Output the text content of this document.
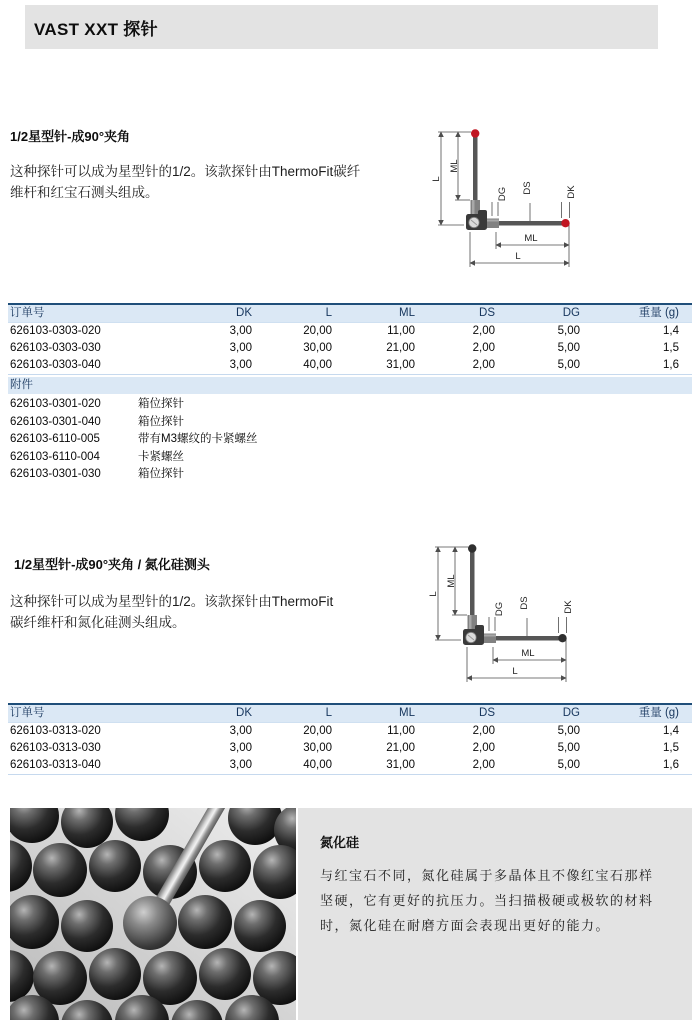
VAST XXT 探针
1/2星型针-成90°夹角
这种探针可以成为星型针的1/2。该款探针由ThermoFit碳纤维杆和红宝石测头组成。
L
ML
DG DS	DK
ML
L
订单号	DK	L	ML	DS	DG	重量 (g)
626103-0303-020	3,00	20,00	11,00	2,00	5,00	1,4
626103-0303-030	3,00	30,00	21,00	2,00	5,00	1,5
626103-0303-040	3,00	40,00	31,00	2,00	5,00	1,6
附件
626103-0301-020	箱位探针
626103-0301-040	箱位探针
626103-6110-005	带有M3螺纹的卡紧螺丝
626103-6110-004	卡紧螺丝
626103-0301-030	箱位探针
1/2星型针-成90°夹角 / 氮化硅测头
这种探针可以成为星型针的1/2。该款探针由ThermoFit碳纤维杆和氮化硅测头组成。
L
ML
DG DS	DK
ML
L
订单号	DK	L	ML	DS	DG	重量 (g)
626103-0313-020	3,00	20,00	11,00	2,00	5,00	1,4
626103-0313-030	3,00	30,00	21,00	2,00	5,00	1,5
626103-0313-040	3,00	40,00	31,00	2,00	5,00	1,6
氮化硅
与红宝石不同，氮化硅属于多晶体且不像红宝石那样坚硬，它有更好的抗压力。当扫描极硬或极软的材料时，氮化硅在耐磨方面会表现出更好的能力。
